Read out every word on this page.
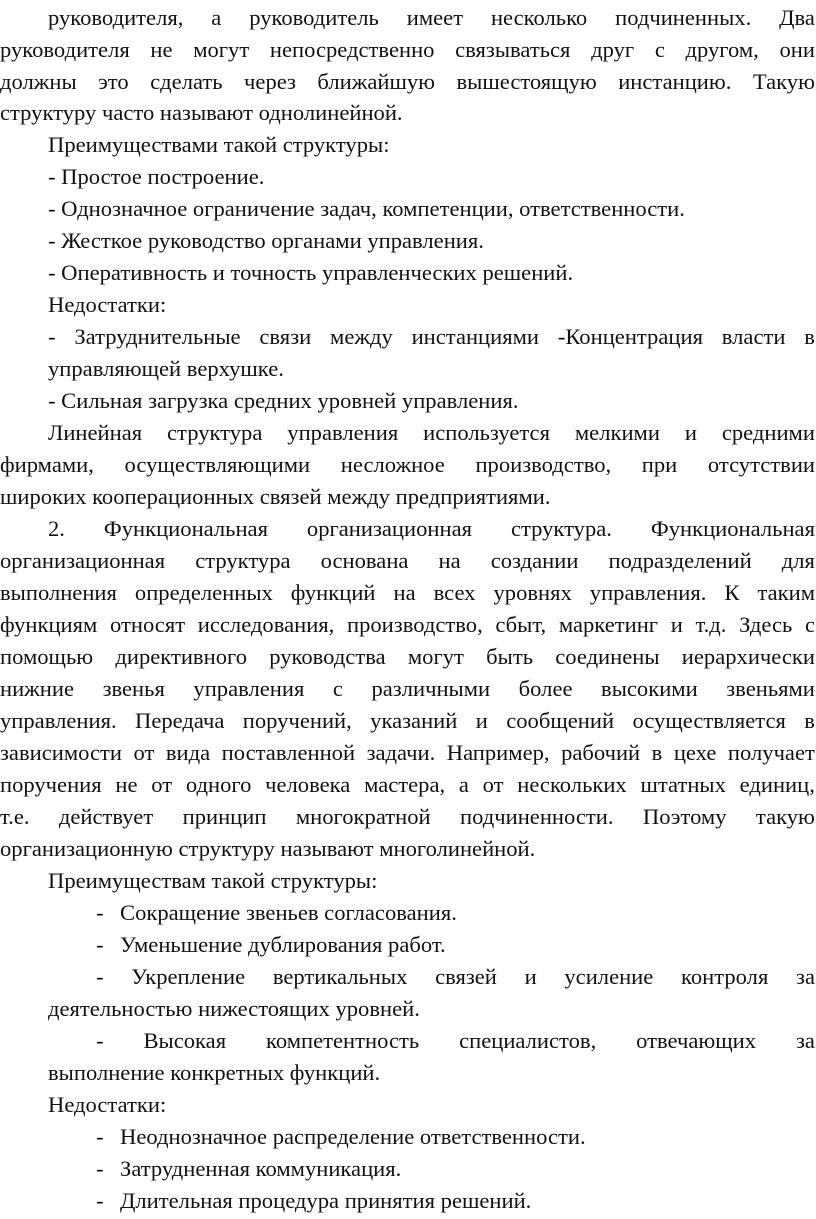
руководителя, а руководитель имеет несколько подчиненных. Два
руководителя не могут непосредственно связываться друг с другом, они
должны это сделать через ближайшую вышестоящую инстанцию. Такую
структуру часто называют однолинейной.
Преимуществами такой структуры:
- Простое построение.
- Однозначное ограничение задач, компетенции, ответственности.
- Жесткое руководство органами управления.
- Оперативность и точность управленческих решений.
Недостатки:
- Затруднительные связи между инстанциями -Концентрация власти в
управляющей верхушке.
- Сильная загрузка средних уровней управления.
Линейная структура управления используется мелкими и средними
фирмами, осуществляющими несложное производство, при отсутствии
широких кооперационных связей между предприятиями.
2. Функциональная организационная структура. Функциональная
организационная структура основана на создании подразделений для
выполнения определенных функций на всех уровнях управления. К таким
функциям относят исследования, производство, сбыт, маркетинг и т.д. Здесь с
помощью директивного руководства могут быть соединены иерархически
нижние звенья управления с различными более высокими звеньями
управления. Передача поручений, указаний и сообщений осуществляется в
зависимости от вида поставленной задачи. Например, рабочий в цехе получает
поручения не от одного человека мастера, а от нескольких штатных единиц,
т.е. действует принцип многократной подчиненности. Поэтому такую
организационную структуру называют многолинейной.
Преимуществам такой структуры:
- Сокращение звеньев согласования.
- Уменьшение дублирования работ.
- Укрепление вертикальных связей и усиление контроля за
деятельностью нижестоящих уровней.
- Высокая компетентность специалистов, отвечающих за
выполнение конкретных функций.
Недостатки:
- Неоднозначное распределение ответственности.
- Затрудненная коммуникация.
- Длительная процедура принятия решений.
